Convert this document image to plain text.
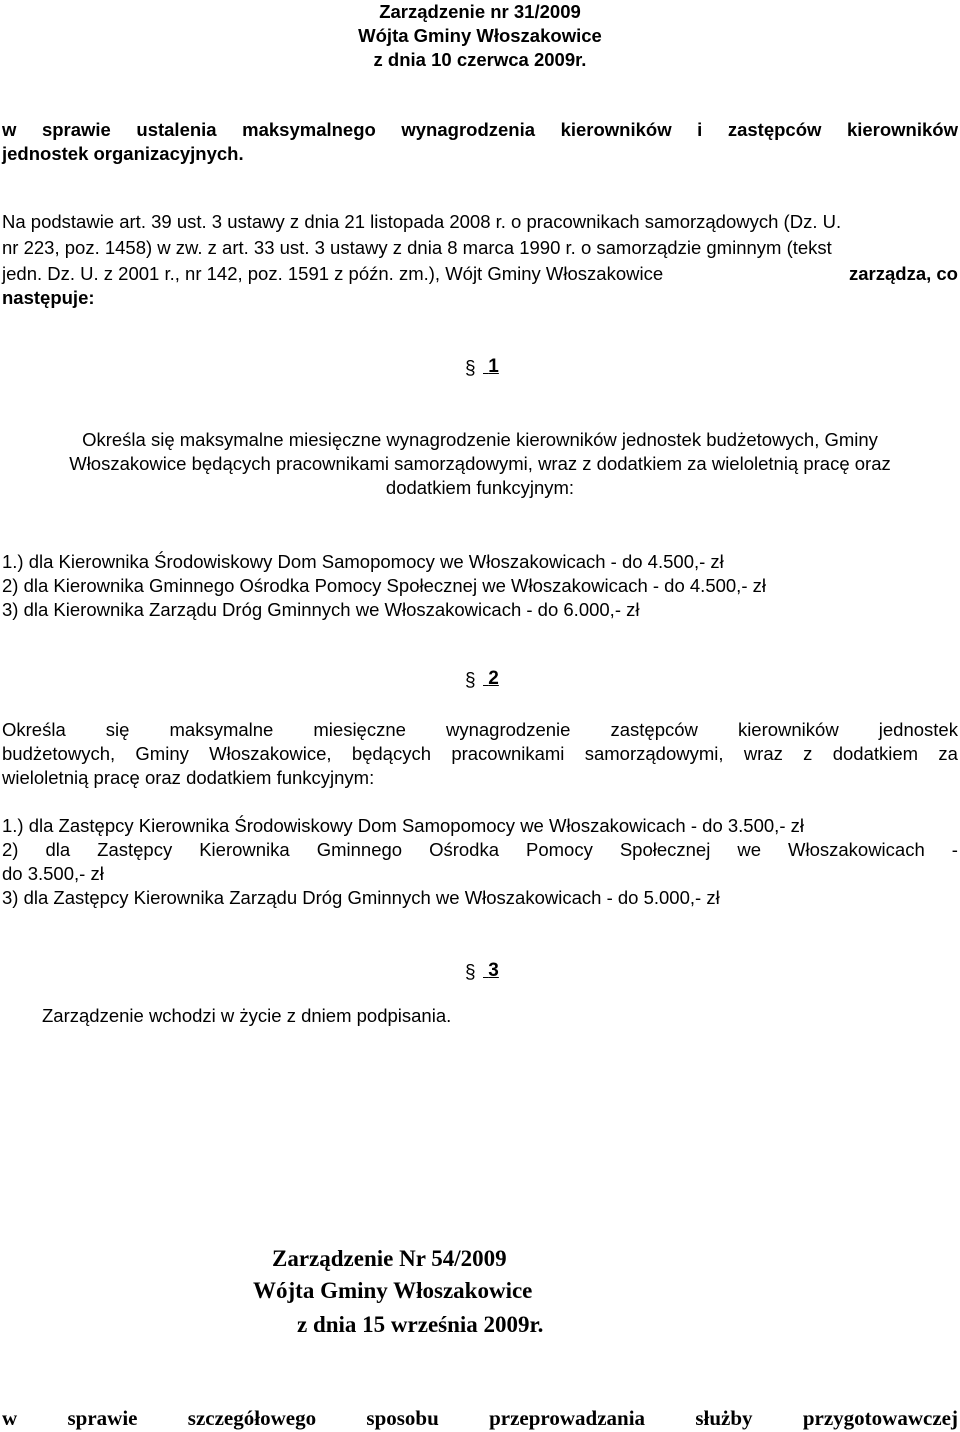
Zarządzenie nr 31/2009
Wójta Gminy Włoszakowice
z dnia 10 czerwca 2009r.
w sprawie ustalenia maksymalnego wynagrodzenia kierowników i zastępców kierowników
jednostek organizacyjnych.
Na podstawie art. 39 ust. 3 ustawy z dnia 21 listopada 2008 r. o pracownikach samorządowych (Dz. U.
nr 223, poz. 1458) w zw. z art. 33 ust. 3 ustawy z dnia 8 marca 1990 r. o samorządzie gminnym (tekst
jedn. Dz. U. z 2001 r., nr 142, poz. 1591 z późn. zm.), Wójt Gminy Włoszakowice	zarządza, co
następuje:
§ 1
Określa się maksymalne miesięczne wynagrodzenie kierowników jednostek budżetowych, Gminy
Włoszakowice będących pracownikami samorządowymi, wraz z dodatkiem za wieloletnią pracę oraz
dodatkiem funkcyjnym:
1.) dla Kierownika Środowiskowy Dom Samopomocy we Włoszakowicach - do 4.500,- zł
2) dla Kierownika Gminnego Ośrodka Pomocy Społecznej we Włoszakowicach - do 4.500,- zł
3) dla Kierownika Zarządu Dróg Gminnych we Włoszakowicach - do 6.000,- zł
§ 2
Określa się maksymalne miesięczne wynagrodzenie zastępców kierowników jednostek
budżetowych, Gminy Włoszakowice, będących pracownikami samorządowymi, wraz z dodatkiem za
wieloletnią pracę oraz dodatkiem funkcyjnym:
1.) dla Zastępcy Kierownika Środowiskowy Dom Samopomocy we Włoszakowicach - do 3.500,- zł
2) dla Zastępcy Kierownika Gminnego Ośrodka Pomocy Społecznej we Włoszakowicach -
do 3.500,- zł
3) dla Zastępcy Kierownika Zarządu Dróg Gminnych we Włoszakowicach - do 5.000,- zł
§ 3
Zarządzenie wchodzi w życie z dniem podpisania.
Zarządzenie Nr 54/2009
Wójta Gminy Włoszakowice
z dnia 15 września 2009r.
w sprawie szczegółowego sposobu przeprowadzania służby przygotowawczej
